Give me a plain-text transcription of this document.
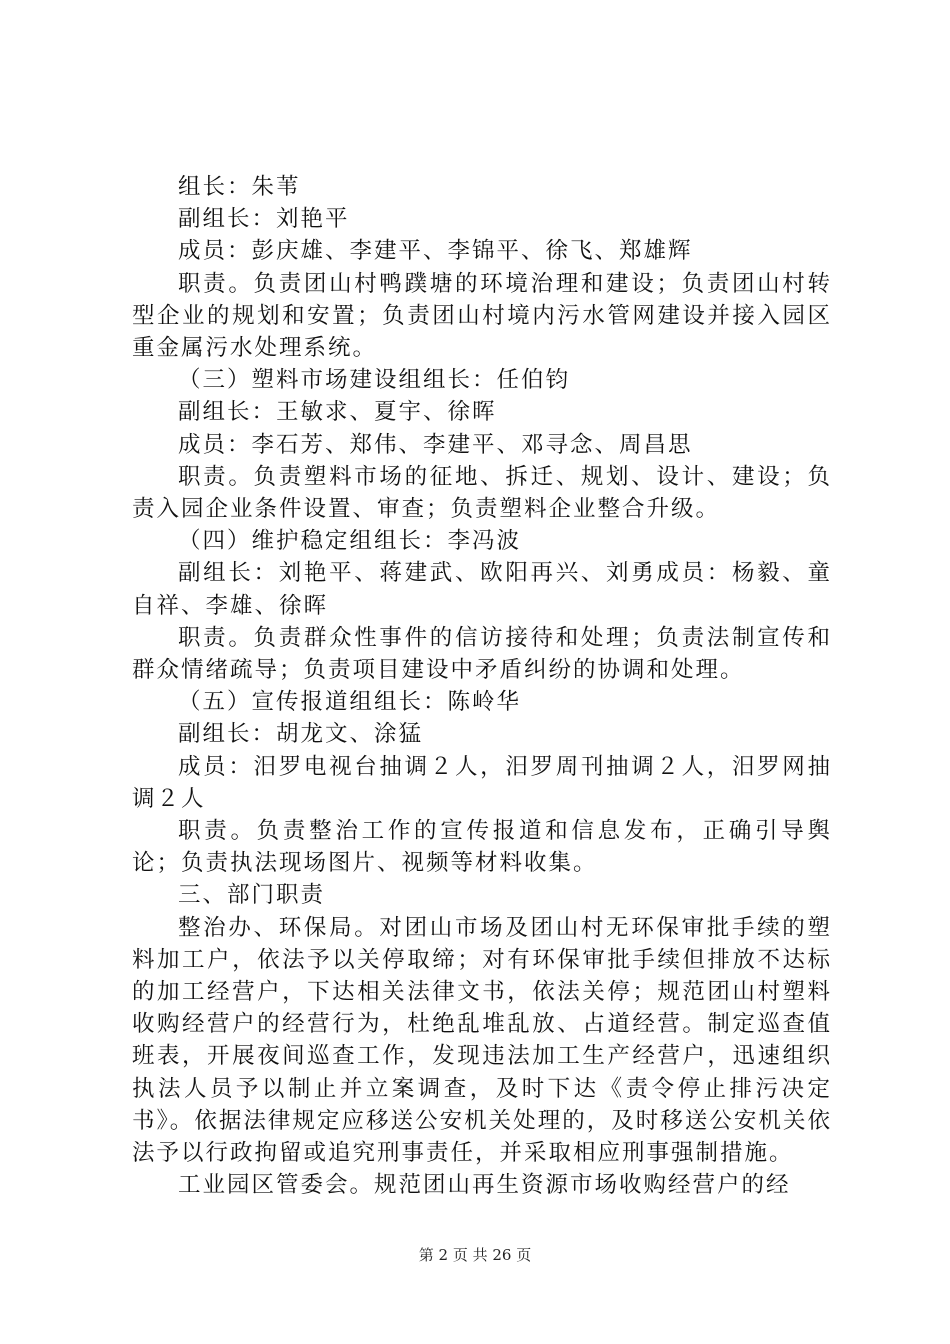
组长：朱苇

副组长：刘艳平

成员：彭庆雄、李建平、李锦平、徐飞、郑雄辉

职责。负责团山村鸭蹼塘的环境治理和建设；负责团山村转型企业的规划和安置；负责团山村境内污水管网建设并接入园区重金属污水处理系统。

（三）塑料市场建设组组长：任伯钧

副组长：王敏求、夏宇、徐晖

成员：李石芳、郑伟、李建平、邓寻念、周昌思

职责。负责塑料市场的征地、拆迁、规划、设计、建设；负责入园企业条件设置、审查；负责塑料企业整合升级。

（四）维护稳定组组长：李冯波

副组长：刘艳平、蒋建武、欧阳再兴、刘勇成员：杨毅、童自祥、李雄、徐晖

职责。负责群众性事件的信访接待和处理；负责法制宣传和群众情绪疏导；负责项目建设中矛盾纠纷的协调和处理。

（五）宣传报道组组长：陈岭华

副组长：胡龙文、涂猛

成员：汨罗电视台抽调２人，汨罗周刊抽调２人，汨罗网抽调２人

职责。负责整治工作的宣传报道和信息发布，正确引导舆论；负责执法现场图片、视频等材料收集。

三、部门职责

整治办、环保局。对团山市场及团山村无环保审批手续的塑料加工户，依法予以关停取缔；对有环保审批手续但排放不达标的加工经营户，下达相关法律文书，依法关停；规范团山村塑料收购经营户的经营行为，杜绝乱堆乱放、占道经营。制定巡查值班表，开展夜间巡查工作，发现违法加工生产经营户，迅速组织执法人员予以制止并立案调查，及时下达《责令停止排污决定书》。依据法律规定应移送公安机关处理的，及时移送公安机关依法予以行政拘留或追究刑事责任，并采取相应刑事强制措施。

工业园区管委会。规范团山再生资源市场收购经营户的经

第 2 页 共 26 页
